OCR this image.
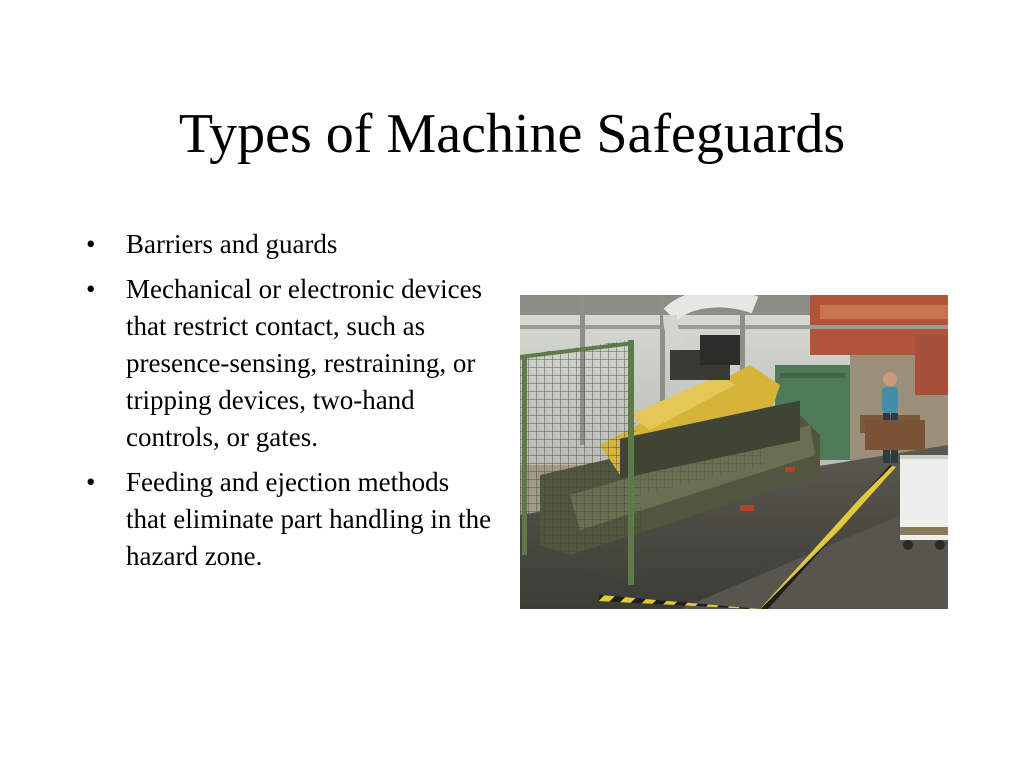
Types of Machine Safeguards
• Barriers and guards
• Mechanical or electronic devices that restrict contact, such as presence-sensing, restraining, or tripping devices, two-hand controls, or gates.
• Feeding and ejection methods that eliminate part handling in the hazard zone.
